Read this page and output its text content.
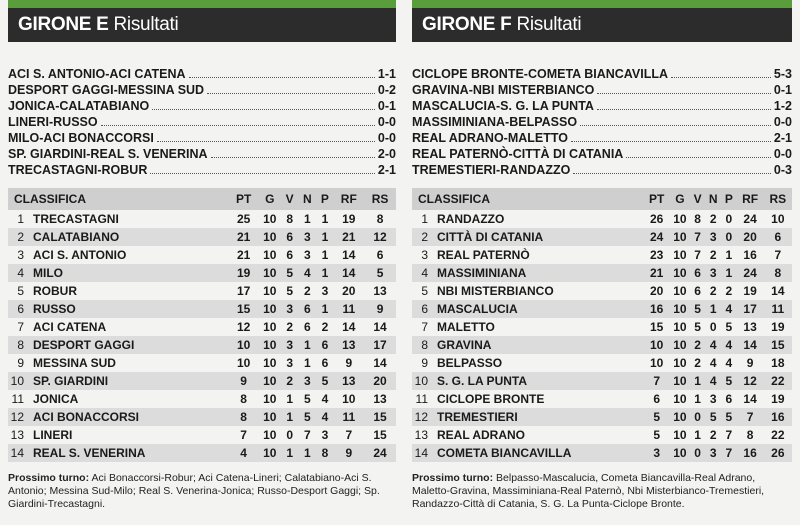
GIRONE E Risultati
ACI S. ANTONIO-ACI CATENA	1-1
DESPORT GAGGI-MESSINA SUD	0-2
JONICA-CALATABIANO	0-1
LINERI-RUSSO	0-0
MILO-ACI BONACCORSI	0-0
SP. GIARDINI-REAL S. VENERINA	2-0
TRECASTAGNI-ROBUR	2-1
CLASSIFICA		PT	G	V	N	P	RF	RS
1	TRECASTAGNI	25	10	8	1	1	19	8
2	CALATABIANO	21	10	6	3	1	21	12
3	ACI S. ANTONIO	21	10	6	3	1	14	6
4	MILO	19	10	5	4	1	14	5
5	ROBUR	17	10	5	2	3	20	13
6	RUSSO	15	10	3	6	1	11	9
7	ACI CATENA	12	10	2	6	2	14	14
8	DESPORT GAGGI	10	10	3	1	6	13	17
9	MESSINA SUD	10	10	3	1	6	9	14
10	SP. GIARDINI	9	10	2	3	5	13	20
11	JONICA	8	10	1	5	4	10	13
12	ACI BONACCORSI	8	10	1	5	4	11	15
13	LINERI	7	10	0	7	3	7	15
14	REAL S. VENERINA	4	10	1	1	8	9	24
Prossimo turno: Aci Bonaccorsi-Robur; Aci Catena-Lineri; Calatabiano-Aci S. Antonio; Messina Sud-Milo; Real S. Venerina-Jonica; Russo-Desport Gaggi; Sp. Giardini-Trecastagni.
GIRONE F Risultati
CICLOPE BRONTE-COMETA BIANCAVILLA	5-3
GRAVINA-NBI MISTERBIANCO	0-1
MASCALUCIA-S. G. LA PUNTA	1-2
MASSIMINIANA-BELPASSO	0-0
REAL ADRANO-MALETTO	2-1
REAL PATERNÒ-CITTÀ DI CATANIA	0-0
TREMESTIERI-RANDAZZO	0-3
CLASSIFICA		PT	G	V	N	P	RF	RS
1	RANDAZZO	26	10	8	2	0	24	10
2	CITTÀ DI CATANIA	24	10	7	3	0	20	6
3	REAL PATERNÒ	23	10	7	2	1	16	7
4	MASSIMINIANA	21	10	6	3	1	24	8
5	NBI MISTERBIANCO	20	10	6	2	2	19	14
6	MASCALUCIA	16	10	5	1	4	17	11
7	MALETTO	15	10	5	0	5	13	19
8	GRAVINA	10	10	2	4	4	14	15
9	BELPASSO	10	10	2	4	4	9	18
10	S. G. LA PUNTA	7	10	1	4	5	12	22
11	CICLOPE BRONTE	6	10	1	3	6	14	19
12	TREMESTIERI	5	10	0	5	5	7	16
13	REAL ADRANO	5	10	1	2	7	8	22
14	COMETA BIANCAVILLA	3	10	0	3	7	16	26
Prossimo turno: Belpasso-Mascalucia, Cometa Biancavilla-Real Adrano, Maletto-Gravina, Massiminiana-Real Paternò, Nbi Misterbianco-Tremestieri, Randazzo-Città di Catania, S. G. La Punta-Ciclope Bronte.
